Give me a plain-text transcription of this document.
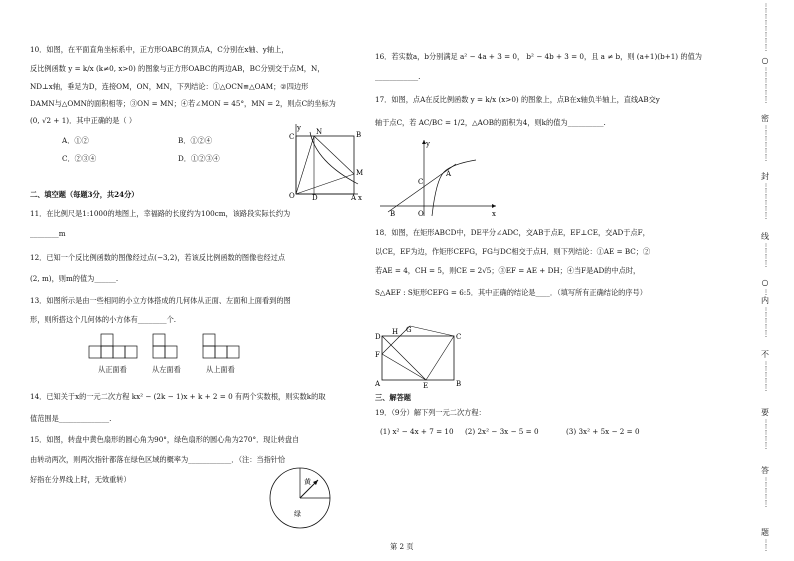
10．如图，在平面直角坐标系中，正方形OABC的顶点A，C分别在x轴、y轴上，
反比例函数 y = k/x (k≠0, x>0) 的图象与正方形OABC的两边AB，BC分别交于点M，N，
ND⊥x轴，垂足为D，连接OM，ON，MN，下列结论：①△OCN≌△OAM；②四边形
DAMN与△OMN的面积相等；③ON = MN；④若∠MON = 45°，MN = 2，则点C的坐标为
(0, √2 + 1)．其中正确的是（ ）
A．①②	B．①②④
C．②③④	D．①②③④
y
x
O D	A
M
B
N
C
二、填空题（每题3分，共24分）
11．在比例尺是1:1000的地图上，幸福路的长度约为100cm，该路段实际长约为
________m
12．已知一个反比例函数的图像经过点(−3,2)，若该反比例函数的图像也经过点
(2, m)，则m的值为______.
13．如图所示是由一些相同的小立方体搭成的几何体从正面、左面和上面看到的图
形，则所搭这个几何体的小方体有________个.
从正面看	从左面看	从上面看
14．已知关于x的一元二次方程 kx² − (2k − 1)x + k + 2 = 0 有两个实数根，则实数k的取
值范围是______________.
15．如图，转盘中黄色扇形的圆心角为90°，绿色扇形的圆心角为270°．现让转盘自
由转动两次，则两次指针都落在绿色区域的概率为____________．（注：当指针恰
好指在分界线上时，无效重转）	黄
绿
第 2 页
16．若实数a，b分别满足 a² − 4a + 3 = 0， b² − 4b + 3 = 0，且 a ≠ b，则 (a+1)(b+1) 的值为
____________.
17．如图，点A在反比例函数 y = k/x (x>0) 的图象上，点B在x轴负半轴上，直线AB交y
轴于点C，若 AC/BC = 1/2，△AOB的面积为4，则k的值为__________.
y
x
O
B
C
A
18．如图，在矩形ABCD中，DE平分∠ADC，交AB于点E，EF⊥CE，交AD于点F，
以CE，EF为边，作矩形CEFG，FG与DC相交于点H．则下列结论：①AE = BC；②
若AE = 4，CH = 5，则CE = 2√5；③EF = AE + DH；④当F是AD的中点时，
S△AEF : S矩形CEFG = 6:5．其中正确的结论是____．（填写所有正确结论的序号）
D	C
A	B
E
F
G
H
三、解答题
19．（9分）解下列一元二次方程：
(1) x² − 4x + 7 = 10 (2) 2x² − 3x − 5 = 0	(3) 3x² + 5x − 2 = 0
⋮
⋮
⋮
⋮
⋮
⋮
⋮
⋮
○
⋮
⋮
⋮
⋮
⋮
⋮
密
⋮
⋮
⋮
⋮
⋮
⋮
封
⋮
⋮
⋮
⋮
⋮
⋮
线
⋮
⋮
⋮
⋮
○
⋮
内
⋮
⋮
⋮
⋮
⋮
不
⋮
⋮
⋮
⋮
⋮
要
⋮
⋮
⋮
⋮
⋮
答
⋮
⋮
⋮
⋮
⋮
题
⋮
⋮
